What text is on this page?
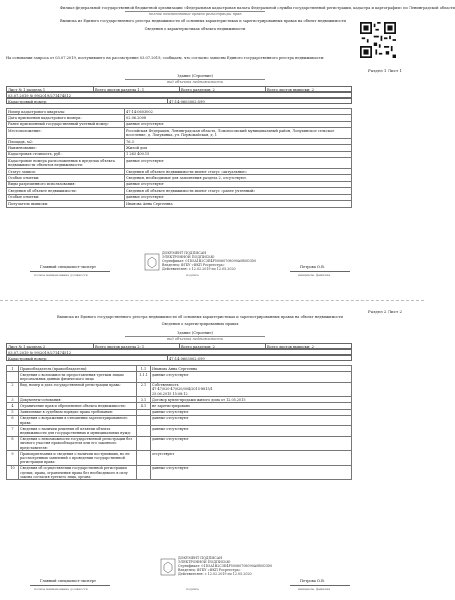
Филиал федеральной государственной бюджетной организации «Федеральная кадастровая палата Федеральной службы государственной регистрации, кадастра и картографии» по Ленинградской области
полное наименование органа регистрации прав
Выписка из Единого государственного реестра недвижимости об основных характеристиках и зарегистрированных правах на объект недвижимости
Сведения о характеристиках объекта недвижимости
На основании запроса от 03.07.2019, поступившего на рассмотрение 03.07.2019, сообщаем, что согласно записям Единого государственного реестра недвижимости:
Раздел 1 Лист 1
Здание (Строение)
вид объекта недвижимости
Лист № 1 раздела 1	Всего листов раздела 1: 1	Всего разделов: 2	Всего листов выписки: 2
03.07.2019 № 99/2019/271474512
Кадастровый номер:	47:14:0603002:599
Номер кадастрового квартала:	47:14:0603002
Дата присвоения кадастрового номера:	02.06.2008
Ранее присвоенный государственный учетный номер:	данные отсутствуют
Местоположение:	Российская Федерация, Ленинградская область, Ломоносовский муниципальный район, Лопухинское сельское поселение, д. Лопухинка, ул. Первомайская, д. 1
Площадь, м2:	76.3
Наименование:	Жилой дом
Кадастровая стоимость, руб.:	1 263 400.15
Кадастровые номера расположенных в пределах объекта недвижимости объектов недвижимости:	данные отсутствуют
Статус записи:	Сведения об объекте недвижимости имеют статус «актуальные»
Особые отметки:	Сведения, необходимые для заполнения раздела 2, отсутствуют.
Виды разрешенного использования:	данные отсутствуют
Сведения об объекте недвижимости:	Сведения об объекте недвижимости имеют статус «ранее учтенный»
Особые отметки:	данные отсутствуют
Получатель выписки:	Иванова Анна Сергеевна
ДОКУМЕНТ ПОДПИСАН
ЭЛЕКТРОННОЙ ПОДПИСЬЮ
Сертификат: 01D5A1B2C3E4F50060708090A0B0C0D0
Владелец: ФГБУ «ФКП Росреестра»
Действителен: с 12.02.2019 по 12.05.2020
Главный специалист-эксперт	Петрова О.В.
полное наименование должности	подпись	инициалы, фамилия
Раздел 2 Лист 2
Выписка из Единого государственного реестра недвижимости об основных характеристиках и зарегистрированных правах на объект недвижимости
Сведения о зарегистрированных правах
Здание (Строение)
вид объекта недвижимости
Лист № 1 раздела 2	Всего листов раздела 2: 1	Всего разделов: 2	Всего листов выписки: 2
03.07.2019 № 99/2019/271474512
Кадастровый номер:	47:14:0603002:599
1	Правообладатель (правообладатели):	1.1	Иванова Анна Сергеевна
	Сведения о возможности предоставления третьим лицам персональных данных физического лица	1.1.1	данные отсутствуют
2	Вид, номер и дата государственной регистрации права:	2.1	Собственность
47-47/020-47/020/004/2015-8815/1
25.06.2015 15:08:12
3	Документы-основания:	3.1	Договор купли-продажи жилого дома от 12.05.2015
4	Ограничение прав и обременение объекта недвижимости:	4.1	не зарегистрировано
5	Заявленные в судебном порядке права требования:		данные отсутствуют
6	Сведения о возражении в отношении зарегистрированного права:		данные отсутствуют
7	Сведения о наличии решения об изъятии объекта недвижимости для государственных и муниципальных нужд:		данные отсутствуют
8	Сведения о невозможности государственной регистрации без личного участия правообладателя или его законного представителя:		данные отсутствуют
9	Правопритязания и сведения о наличии поступивших, но не рассмотренных заявлений о проведении государственной регистрации права:		отсутствуют
10	Сведения об осуществлении государственной регистрации сделки, права, ограничения права без необходимого в силу закона согласия третьего лица, органа:		данные отсутствуют
ДОКУМЕНТ ПОДПИСАН
ЭЛЕКТРОННОЙ ПОДПИСЬЮ
Сертификат: 01D5A1B2C3E4F50060708090A0B0C0D0
Владелец: ФГБУ «ФКП Росреестра»
Действителен: с 12.02.2019 по 12.05.2020
Главный специалист-эксперт	Петрова О.В.
полное наименование должности	подпись	инициалы, фамилия
